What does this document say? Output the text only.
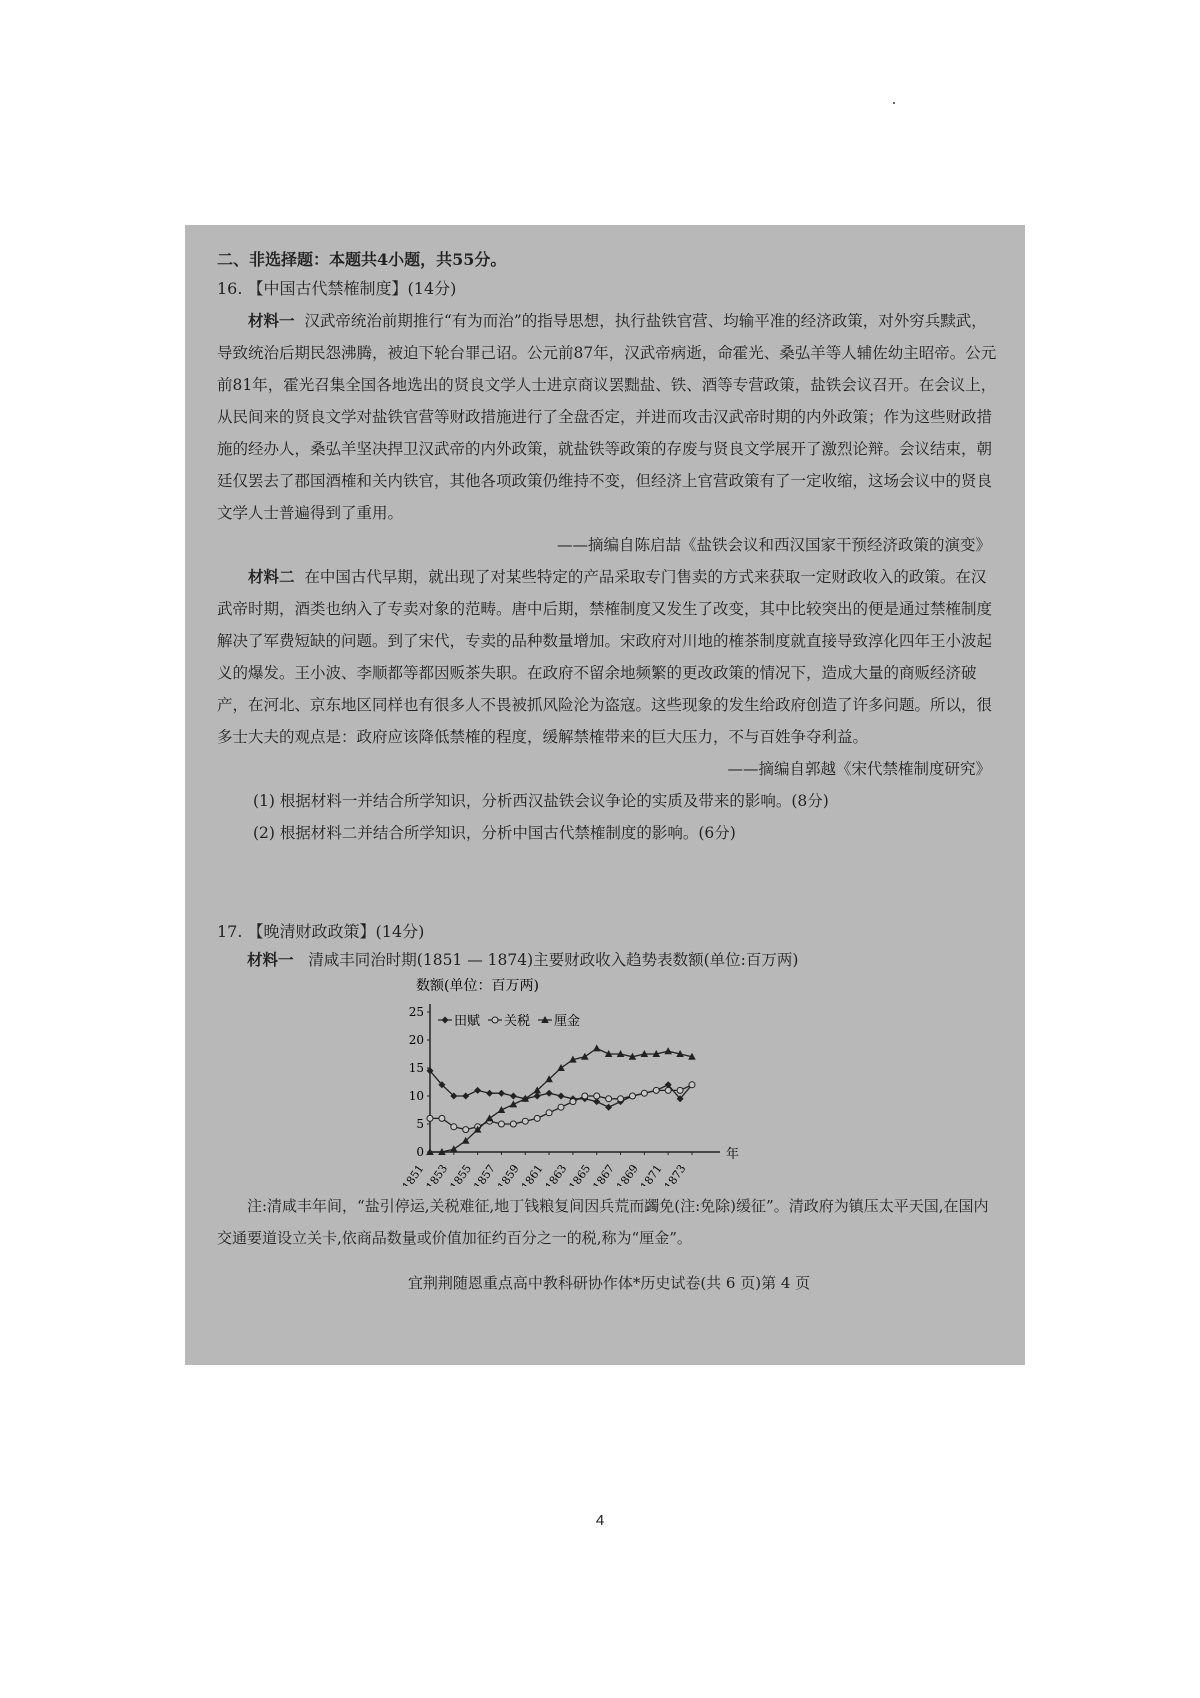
二、非选择题：本题共4小题，共55分。

16. 【中国古代禁榷制度】(14分)

材料一 汉武帝统治前期推行“有为而治”的指导思想，执行盐铁官营、均输平准的经济政策，对外穷兵黩武，导致统治后期民怨沸腾，被迫下轮台罪己诏。公元前87年，汉武帝病逝，命霍光、桑弘羊等人辅佐幼主昭帝。公元前81年，霍光召集全国各地选出的贤良文学人士进京商议罢黜盐、铁、酒等专营政策，盐铁会议召开。在会议上，从民间来的贤良文学对盐铁官营等财政措施进行了全盘否定，并进而攻击汉武帝时期的内外政策；作为这些财政措施的经办人，桑弘羊坚决捍卫汉武帝的内外政策，就盐铁等政策的存废与贤良文学展开了激烈论辩。会议结束，朝廷仅罢去了郡国酒榷和关内铁官，其他各项政策仍维持不变，但经济上官营政策有了一定收缩，这场会议中的贤良文学人士普遍得到了重用。

——摘编自陈启喆《盐铁会议和西汉国家干预经济政策的演变》

材料二 在中国古代早期，就出现了对某些特定的产品采取专门售卖的方式来获取一定财政收入的政策。在汉武帝时期，酒类也纳入了专卖对象的范畴。唐中后期，禁榷制度又发生了改变，其中比较突出的便是通过禁榷制度解决了军费短缺的问题。到了宋代，专卖的品种数量增加。宋政府对川地的榷茶制度就直接导致淳化四年王小波起义的爆发。王小波、李顺都等都因贩茶失职。在政府不留余地频繁的更改政策的情况下，造成大量的商贩经济破产，在河北、京东地区同样也有很多人不畏被抓风险沦为盗寇。这些现象的发生给政府创造了许多问题。所以，很多士大夫的观点是：政府应该降低禁榷的程度，缓解禁榷带来的巨大压力，不与百姓争夺利益。

——摘编自郭越《宋代禁榷制度研究》

(1) 根据材料一并结合所学知识，分析西汉盐铁会议争论的实质及带来的影响。(8分)

(2) 根据材料二并结合所学知识，分析中国古代禁榷制度的影响。(6分)

17. 【晚清财政政策】(14分)

材料一 清咸丰同治时期(1851 — 1874)主要财政收入趋势表数额(单位:百万两)

数额(单位：百万两)
0
5
10
15
20
25
1851
1853
1855
1857
1859
1861
1863
1865
1867
1869
1871
1873
年
田赋 关税 厘金

注:清咸丰年间，“盐引停运,关税难征,地丁钱粮复间因兵荒而蠲免(注:免除)缓征”。清政府为镇压太平天国,在国内交通要道设立关卡,依商品数量或价值加征约百分之一的税,称为“厘金”。

宜荆荆随恩重点高中教科研协作体*历史试卷(共 6 页)第 4 页

4
